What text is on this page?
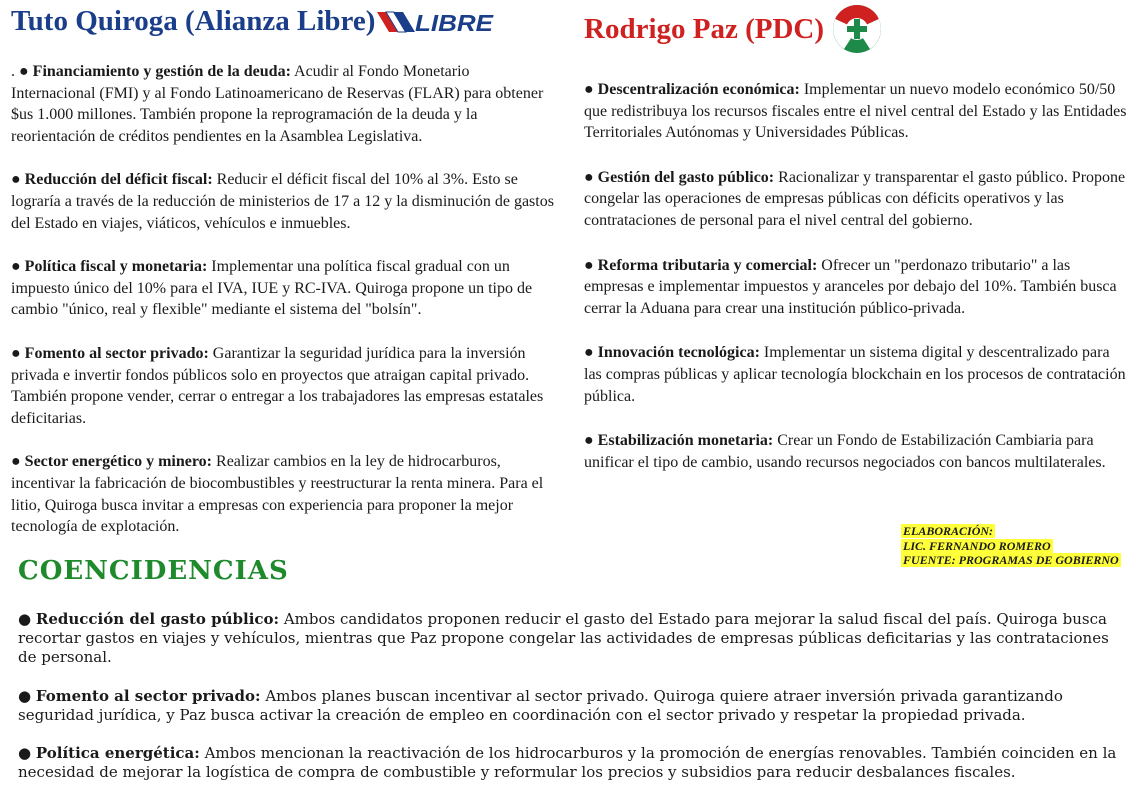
Tuto Quiroga (Alianza Libre) LIBRE

. ● Financiamiento y gestión de la deuda: Acudir al Fondo Monetario Internacional (FMI) y al Fondo Latinoamericano de Reservas (FLAR) para obtener $us 1.000 millones. También propone la reprogramación de la deuda y la reorientación de créditos pendientes en la Asamblea Legislativa.

● Reducción del déficit fiscal: Reducir el déficit fiscal del 10% al 3%. Esto se lograría a través de la reducción de ministerios de 17 a 12 y la disminución de gastos del Estado en viajes, viáticos, vehículos e inmuebles.

● Política fiscal y monetaria: Implementar una política fiscal gradual con un impuesto único del 10% para el IVA, IUE y RC-IVA. Quiroga propone un tipo de cambio "único, real y flexible" mediante el sistema del "bolsín".

● Fomento al sector privado: Garantizar la seguridad jurídica para la inversión privada e invertir fondos públicos solo en proyectos que atraigan capital privado. También propone vender, cerrar o entregar a los trabajadores las empresas estatales deficitarias.

● Sector energético y minero: Realizar cambios en la ley de hidrocarburos, incentivar la fabricación de biocombustibles y reestructurar la renta minera. Para el litio, Quiroga busca invitar a empresas con experiencia para proponer la mejor tecnología de explotación.

Rodrigo Paz (PDC)

● Descentralización económica: Implementar un nuevo modelo económico 50/50 que redistribuya los recursos fiscales entre el nivel central del Estado y las Entidades Territoriales Autónomas y Universidades Públicas.

● Gestión del gasto público: Racionalizar y transparentar el gasto público. Propone congelar las operaciones de empresas públicas con déficits operativos y las contrataciones de personal para el nivel central del gobierno.

● Reforma tributaria y comercial: Ofrecer un "perdonazo tributario" a las empresas e implementar impuestos y aranceles por debajo del 10%. También busca cerrar la Aduana para crear una institución público-privada.

● Innovación tecnológica: Implementar un sistema digital y descentralizado para las compras públicas y aplicar tecnología blockchain en los procesos de contratación pública.

● Estabilización monetaria: Crear un Fondo de Estabilización Cambiaria para unificar el tipo de cambio, usando recursos negociados con bancos multilaterales.

ELABORACIÓN:
LIC. FERNANDO ROMERO
FUENTE: PROGRAMAS DE GOBIERNO
COENCIDENCIAS

● Reducción del gasto público: Ambos candidatos proponen reducir el gasto del Estado para mejorar la salud fiscal del país. Quiroga busca recortar gastos en viajes y vehículos, mientras que Paz propone congelar las actividades de empresas públicas deficitarias y las contrataciones de personal.

● Fomento al sector privado: Ambos planes buscan incentivar al sector privado. Quiroga quiere atraer inversión privada garantizando seguridad jurídica, y Paz busca activar la creación de empleo en coordinación con el sector privado y respetar la propiedad privada.

● Política energética: Ambos mencionan la reactivación de los hidrocarburos y la promoción de energías renovables. También coinciden en la necesidad de mejorar la logística de compra de combustible y reformular los precios y subsidios para reducir desbalances fiscales.
